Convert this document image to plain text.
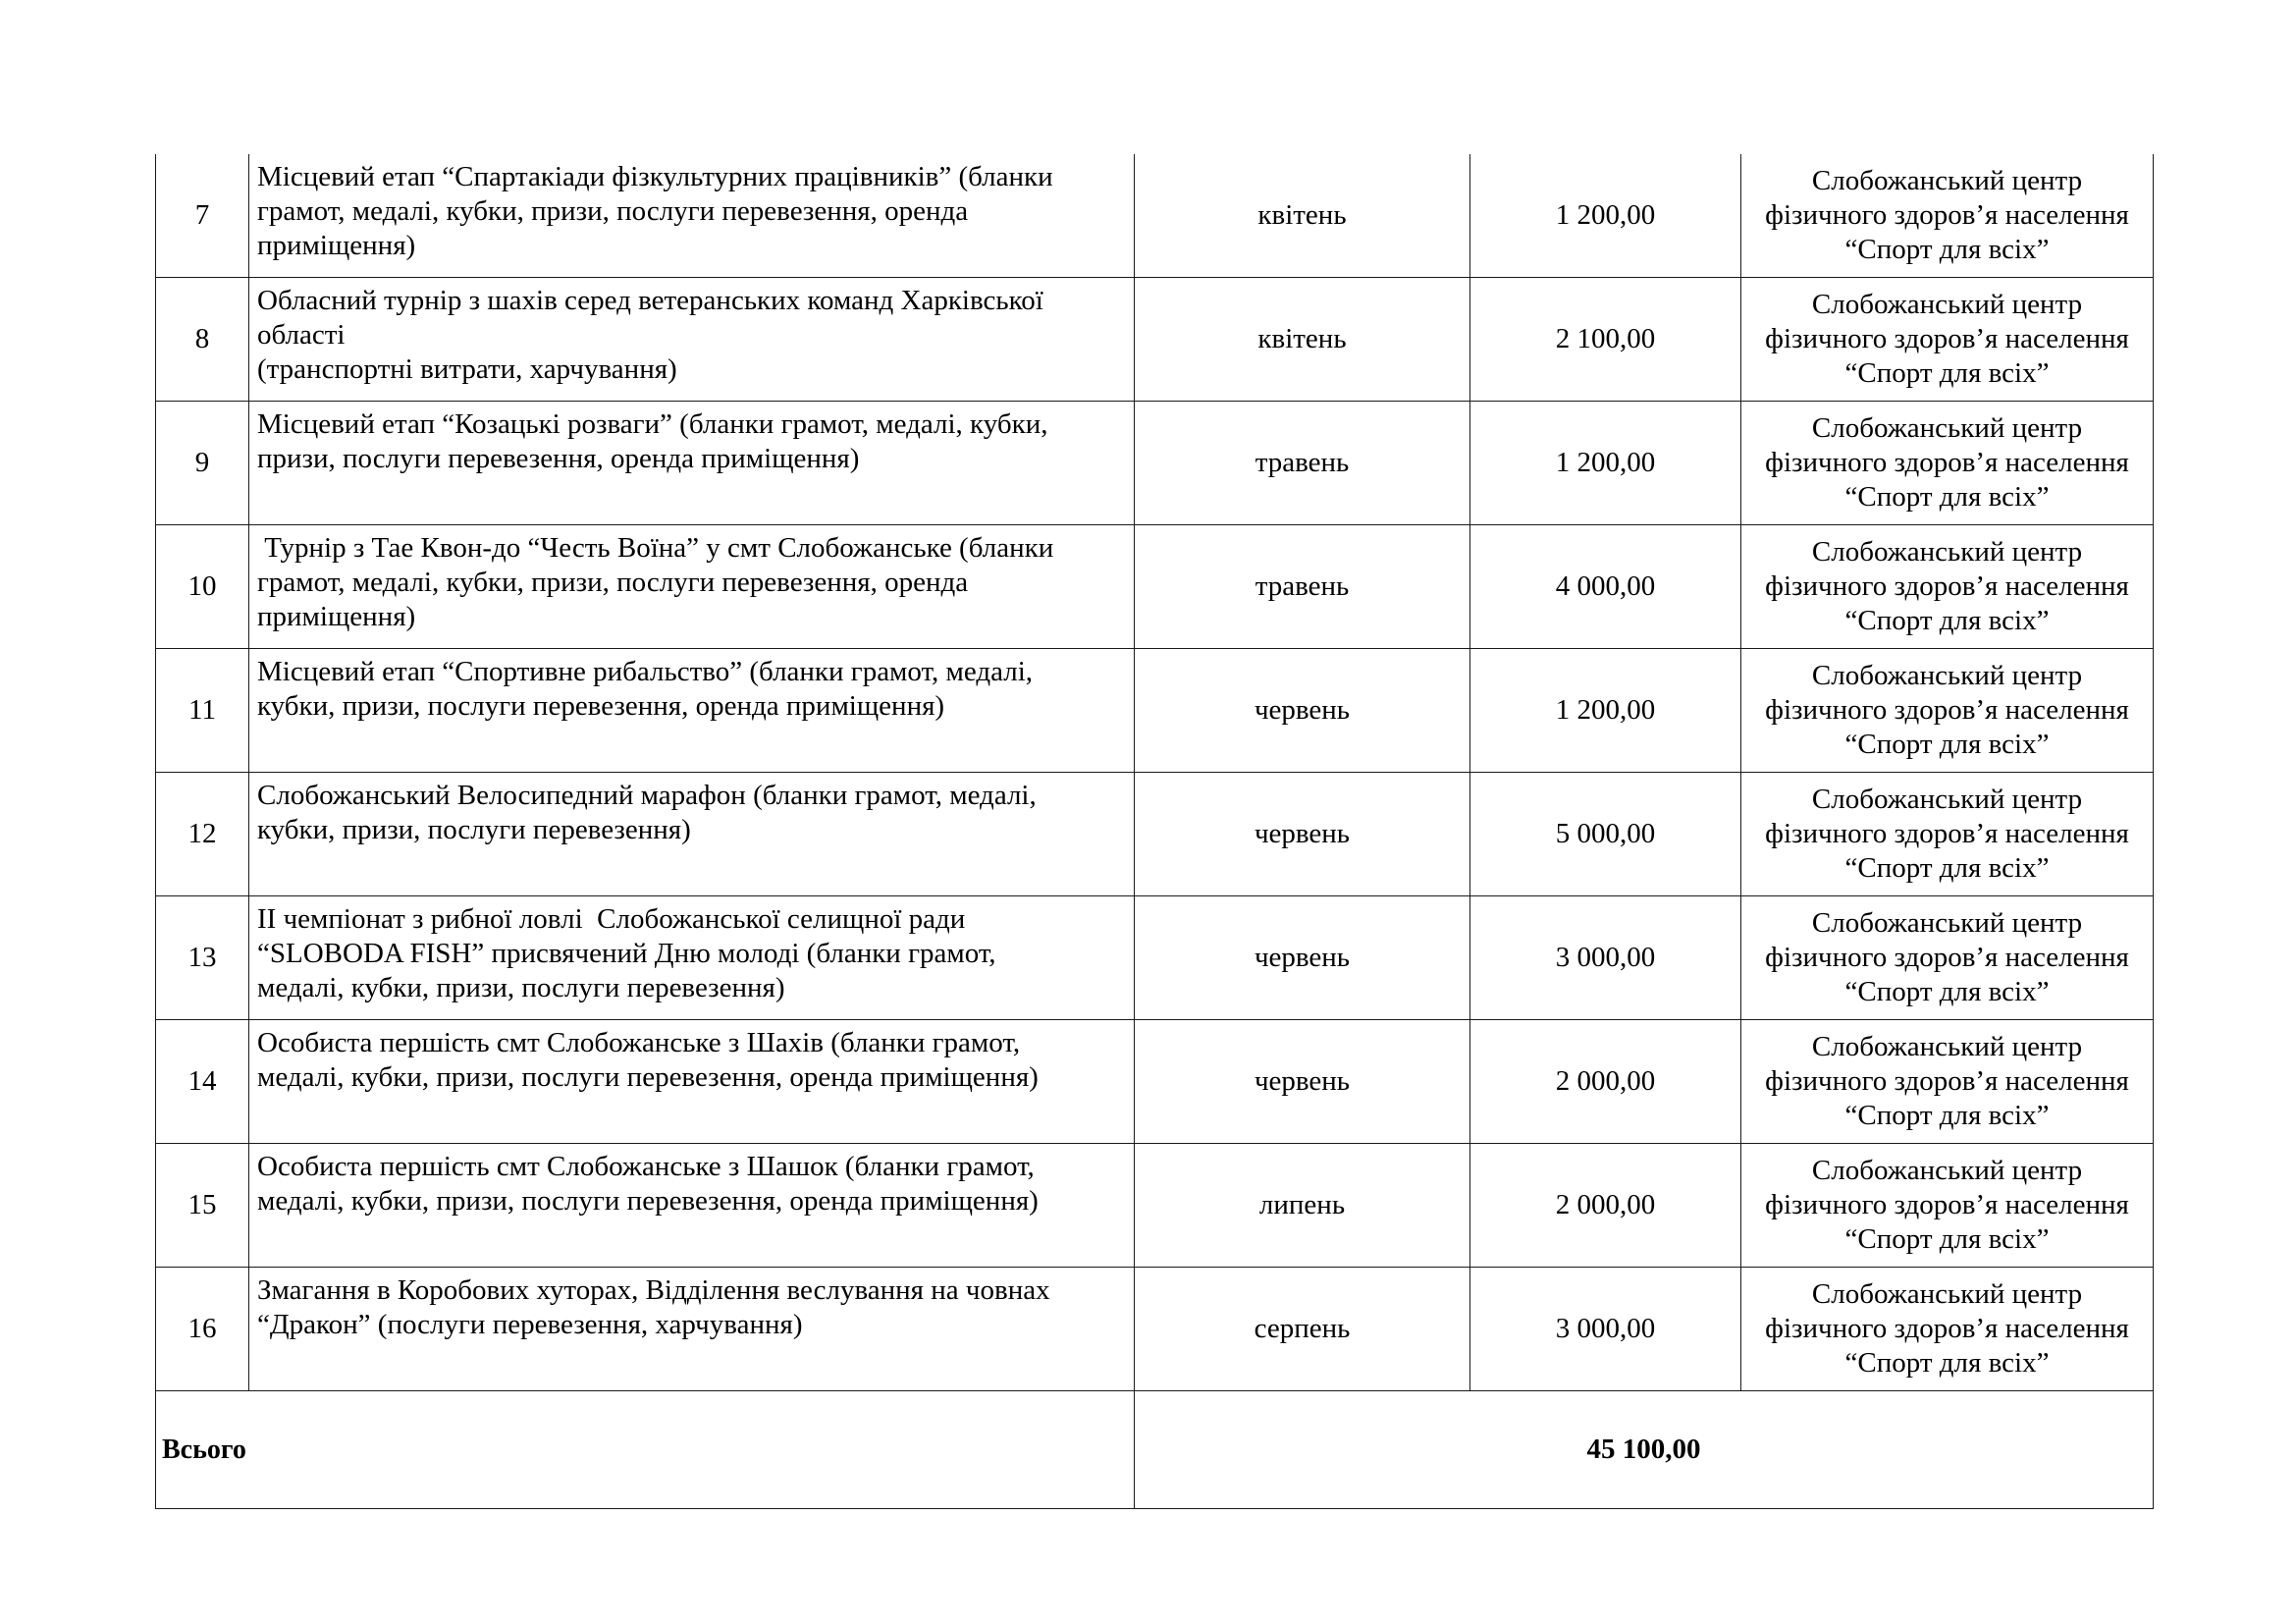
7	Місцевий етап “Спартакіади фізкультурних працівників” (бланки
грамот, медалі, кубки, призи, послуги перевезення, оренда
приміщення)	квітень	1 200,00	Слобожанський центр
фізичного здоров’я населення
“Спорт для всіх”

8	Обласний турнір з шахів серед ветеранських команд Харківської
області
(транспортні витрати, харчування)	квітень	2 100,00	Слобожанський центр
фізичного здоров’я населення
“Спорт для всіх”

9	Місцевий етап “Козацькі розваги” (бланки грамот, медалі, кубки,
призи, послуги перевезення, оренда приміщення)	травень	1 200,00	Слобожанський центр
фізичного здоров’я населення
“Спорт для всіх”

10	Турнір з Тае Квон-до “Честь Воїна” у смт Слобожанське (бланки
грамот, медалі, кубки, призи, послуги перевезення, оренда
приміщення)	травень	4 000,00	Слобожанський центр
фізичного здоров’я населення
“Спорт для всіх”

11	Місцевий етап “Спортивне рибальство” (бланки грамот, медалі,
кубки, призи, послуги перевезення, оренда приміщення)	червень	1 200,00	Слобожанський центр
фізичного здоров’я населення
“Спорт для всіх”

12	Слобожанський Велосипедний марафон (бланки грамот, медалі,
кубки, призи, послуги перевезення)	червень	5 000,00	Слобожанський центр
фізичного здоров’я населення
“Спорт для всіх”

13	ІІ чемпіонат з рибної ловлі  Слобожанської селищної ради
“SLOBODA FISH” присвячений Дню молоді (бланки грамот,
медалі, кубки, призи, послуги перевезення)	червень	3 000,00	Слобожанський центр
фізичного здоров’я населення
“Спорт для всіх”

14	Особиста першість смт Слобожанське з Шахів (бланки грамот,
медалі, кубки, призи, послуги перевезення, оренда приміщення)	червень	2 000,00	Слобожанський центр
фізичного здоров’я населення
“Спорт для всіх”

15	Особиста першість смт Слобожанське з Шашок (бланки грамот,
медалі, кубки, призи, послуги перевезення, оренда приміщення)	липень	2 000,00	Слобожанський центр
фізичного здоров’я населення
“Спорт для всіх”

16	Змагання в Коробових хуторах, Відділення веслування на човнах
“Дракон” (послуги перевезення, харчування)	серпень	3 000,00	Слобожанський центр
фізичного здоров’я населення
“Спорт для всіх”

Всього		45 100,00		
